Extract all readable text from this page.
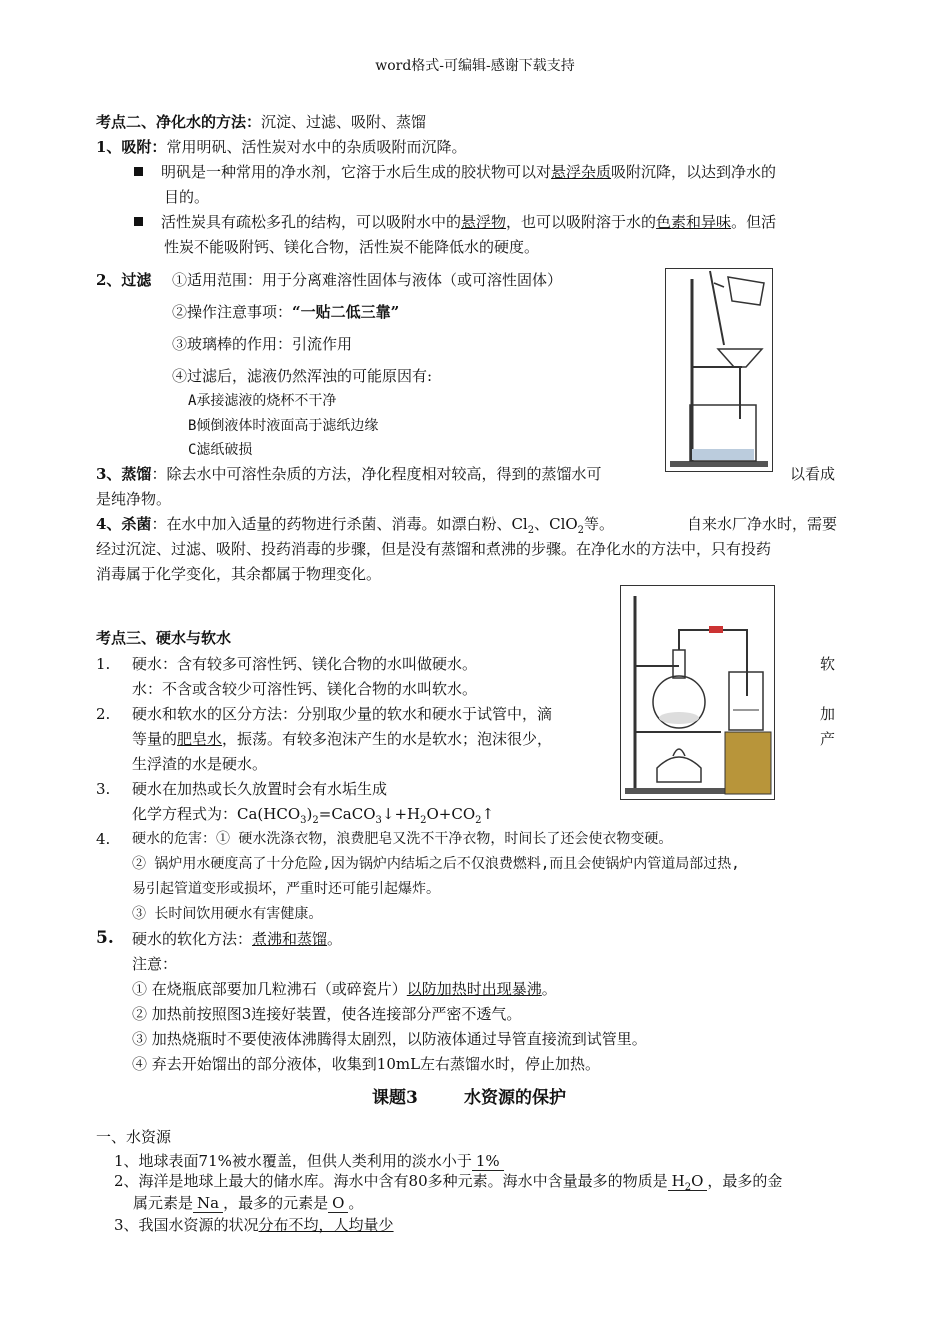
word格式-可编辑-感谢下载支持
考点二、净化水的方法：沉淀、过滤、吸附、蒸馏
1、吸附：常用明矾、活性炭对水中的杂质吸附而沉降。
明矾是一种常用的净水剂，它溶于水后生成的胶状物可以对悬浮杂质吸附沉降，以达到净水的
目的。
活性炭具有疏松多孔的结构，可以吸附水中的悬浮物，也可以吸附溶于水的色素和异味。但活
性炭不能吸附钙、镁化合物，活性炭不能降低水的硬度。
2、过滤 ①适用范围：用于分离难溶性固体与液体（或可溶性固体）
②操作注意事项：“一贴二低三靠”
③玻璃棒的作用：引流作用
④过滤后，滤液仍然浑浊的可能原因有:
A承接滤液的烧杯不干净
B倾倒液体时液面高于滤纸边缘
C滤纸破损
3、蒸馏：除去水中可溶性杂质的方法，净化程度相对较高，得到的蒸馏水可	以看成
是纯净物。
4、杀菌：在水中加入适量的药物进行杀菌、消毒。如漂白粉、$Cl_2$、ClO$_2$等。	自来水厂净水时，需要
经过沉淀、过滤、吸附、投药消毒的步骤，但是没有蒸馏和煮沸的步骤。在净化水的方法中，只有投药
消毒属于化学变化，其余都属于物理变化。
考点三、硬水与软水
1. 硬水：含有较多可溶性钙、镁化合物的水叫做硬水。	软
水：不含或含较少可溶性钙、镁化合物的水叫软水。
2. 硬水和软水的区分方法：分别取少量的软水和硬水于试管中，滴	加
等量的肥皂水，振荡。有较多泡沫产生的水是软水；泡沫很少，	产
生浮渣的水是硬水。
3. 硬水在加热或长久放置时会有水垢生成
化学方程式为：$Ca(HCO_3)_2=CaCO_3↓+H_2O+CO_2↑$
4. 硬水的危害：① 硬水洗涤衣物，浪费肥皂又洗不干净衣物，时间长了还会使衣物变硬。
② 锅炉用水硬度高了十分危险,因为锅炉内结垢之后不仅浪费燃料,而且会使锅炉内管道局部过热,
易引起管道变形或损坏，严重时还可能引起爆炸。
③ 长时间饮用硬水有害健康。
5. 硬水的软化方法：煮沸和蒸馏。
注意：
① 在烧瓶底部要加几粒沸石（或碎瓷片）以防加热时出现暴沸。
② 加热前按照图3连接好装置，使各连接部分严密不透气。
③ 加热烧瓶时不要使液体沸腾得太剧烈，以防液体通过导管直接流到试管里。
④ 弃去开始馏出的部分液体，收集到10mL左右蒸馏水时，停止加热。
课题3	水资源的保护
一、水资源
1、地球表面71%被水覆盖，但供人类利用的淡水小于 1%
2、海洋是地球上最大的储水库。海水中含有80多种元素。海水中含量最多的物质是 $H_2O$ ，最多的金
属元素是 Na ，最多的元素是 O 。
3、我国水资源的状况分布不均，人均量少
